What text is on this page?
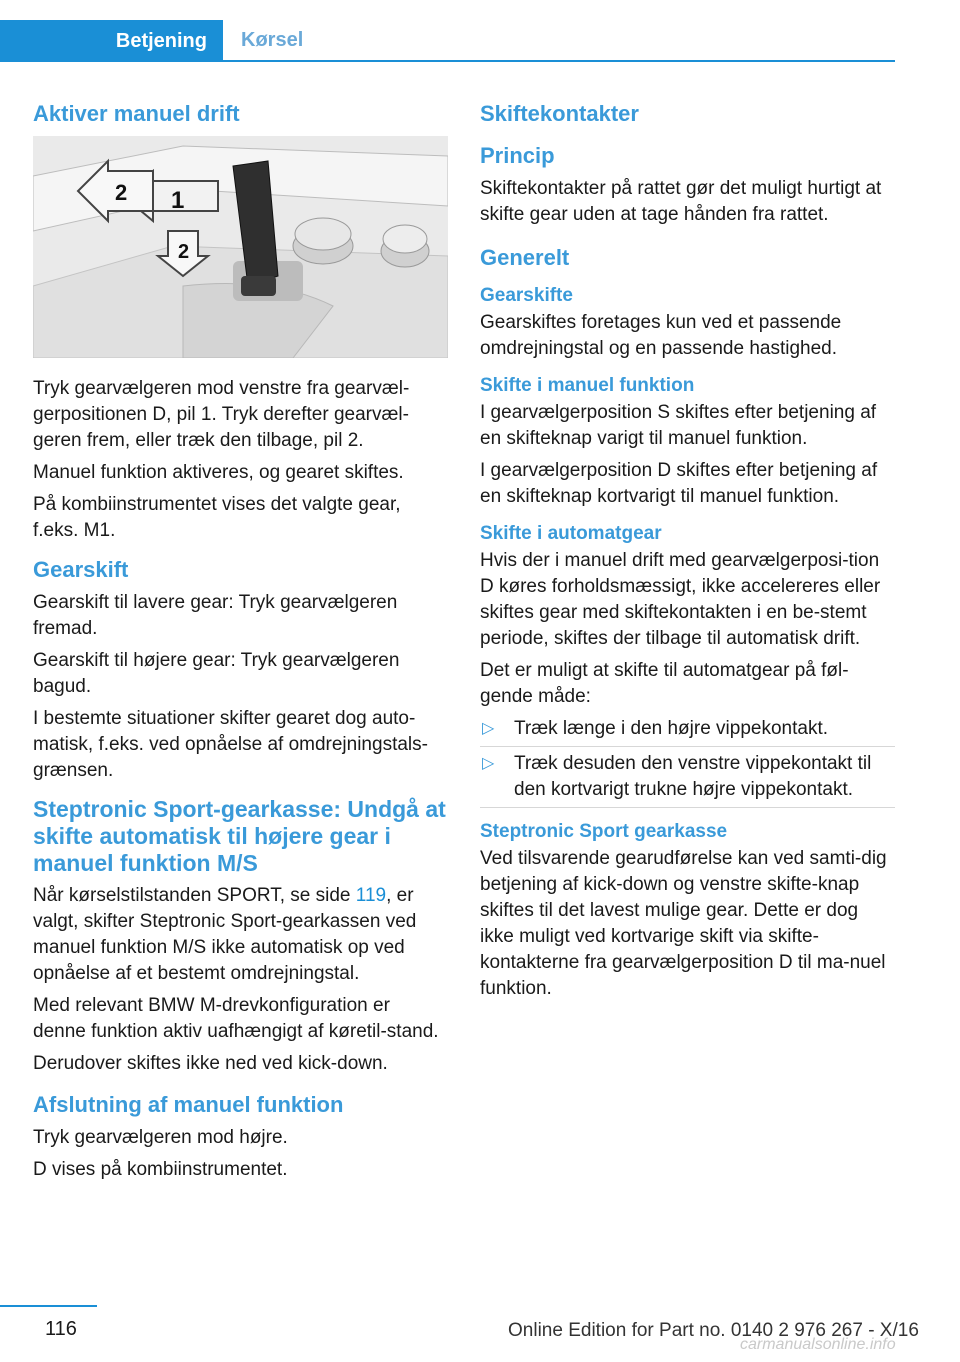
Betjening	Kørsel
Aktiver manuel drift
1
2
2

Tryk gearvælgeren mod venstre fra gearvæl‐gerpositionen D, pil 1. Tryk derefter gearvæl‐geren frem, eller træk den tilbage, pil 2.

Manuel funktion aktiveres, og gearet skiftes.

På kombiinstrumentet vises det valgte gear, f.eks. M1.

Gearskift

Gearskift til lavere gear: Tryk gearvælgeren fremad.

Gearskift til højere gear: Tryk gearvælgeren bagud.

I bestemte situationer skifter gearet dog auto‐matisk, f.eks. ved opnåelse af omdrejningstals‐grænsen.

Steptronic Sport-gearkasse: Undgå at skifte automatisk til højere gear i manuel funktion M/S

Når kørselstilstanden SPORT, se side 119, er valgt, skifter Steptronic Sport-gearkassen ved manuel funktion M/S ikke automatisk op ved opnåelse af et bestemt omdrejningstal.

Med relevant BMW M-drevkonfiguration er denne funktion aktiv uafhængigt af køretil‐stand.

Derudover skiftes ikke ned ved kick-down.

Afslutning af manuel funktion

Tryk gearvælgeren mod højre.

D vises på kombiinstrumentet.

Skiftekontakter
Princip

Skiftekontakter på rattet gør det muligt hurtigt at skifte gear uden at tage hånden fra rattet.

Generelt
Gearskifte

Gearskiftes foretages kun ved et passende omdrejningstal og en passende hastighed.

Skifte i manuel funktion

I gearvælgerposition S skiftes efter betjening af en skifteknap varigt til manuel funktion.

I gearvælgerposition D skiftes efter betjening af en skifteknap kortvarigt til manuel funktion.

Skifte i automatgear

Hvis der i manuel drift med gearvælgerposi‐tion D køres forholdsmæssigt, ikke accelereres eller skiftes gear med skiftekontakten i en be‐stemt periode, skiftes der tilbage til automatisk drift.

Det er muligt at skifte til automatgear på føl‐gende måde:

▷ Træk længe i den højre vippekontakt.
▷ Træk desuden den venstre vippekontakt til den kortvarigt trukne højre vippekontakt.
Steptronic Sport gearkasse

Ved tilsvarende gearudførelse kan ved samti‐dig betjening af kick-down og venstre skifte‐knap skiftes til det lavest mulige gear. Dette er dog ikke muligt ved kortvarige skift via skifte‐kontakterne fra gearvælgerposition D til ma‐nuel funktion.

116	Online Edition for Part no. 0140 2 976 267 - X/16
carmanualsonline.info
